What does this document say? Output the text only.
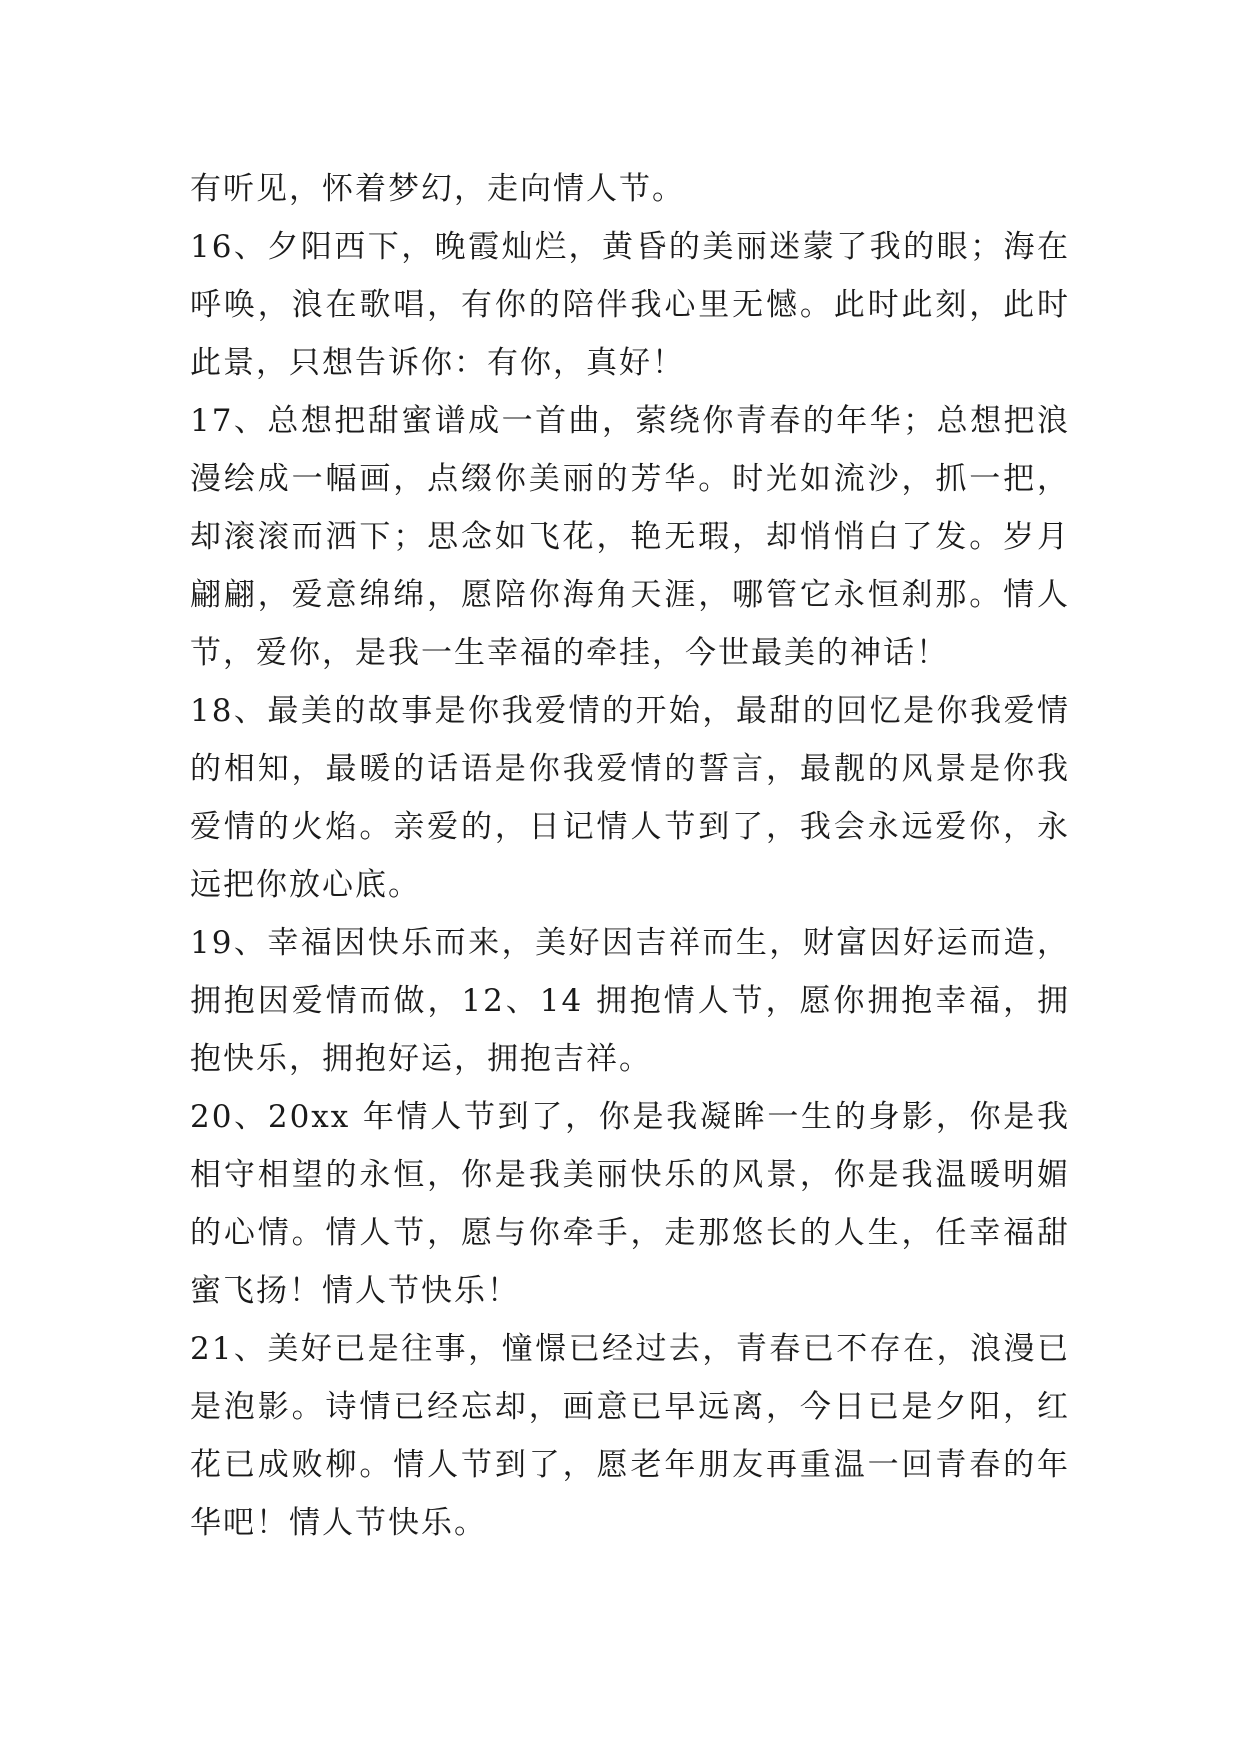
有听见，怀着梦幻，走向情人节。

16、夕阳西下，晚霞灿烂，黄昏的美丽迷蒙了我的眼；海在呼唤，浪在歌唱，有你的陪伴我心里无憾。此时此刻，此时此景，只想告诉你：有你，真好！

17、总想把甜蜜谱成一首曲，萦绕你青春的年华；总想把浪漫绘成一幅画，点缀你美丽的芳华。时光如流沙，抓一把，却滚滚而洒下；思念如飞花，艳无瑕，却悄悄白了发。岁月翩翩，爱意绵绵，愿陪你海角天涯，哪管它永恒刹那。情人节，爱你，是我一生幸福的牵挂，今世最美的神话！

18、最美的故事是你我爱情的开始，最甜的回忆是你我爱情的相知，最暖的话语是你我爱情的誓言，最靓的风景是你我爱情的火焰。亲爱的，日记情人节到了，我会永远爱你，永远把你放心底。

19、幸福因快乐而来，美好因吉祥而生，财富因好运而造，拥抱因爱情而做，12、14 拥抱情人节，愿你拥抱幸福，拥抱快乐，拥抱好运，拥抱吉祥。

20、20xx 年情人节到了，你是我凝眸一生的身影，你是我相守相望的永恒，你是我美丽快乐的风景，你是我温暖明媚的心情。情人节，愿与你牵手，走那悠长的人生，任幸福甜蜜飞扬！情人节快乐！

21、美好已是往事，憧憬已经过去，青春已不存在，浪漫已是泡影。诗情已经忘却，画意已早远离，今日已是夕阳，红花已成败柳。情人节到了，愿老年朋友再重温一回青春的年华吧！情人节快乐。
